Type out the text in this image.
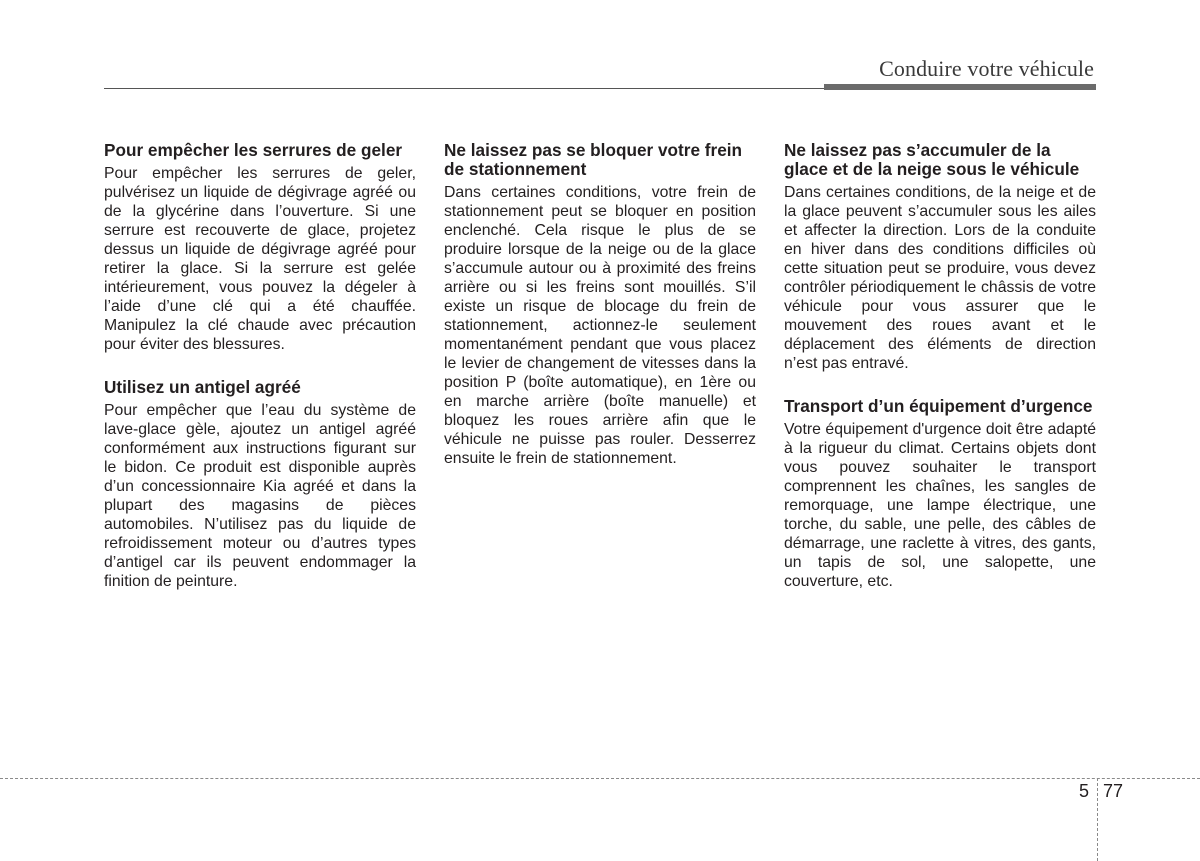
Conduire votre véhicule
Pour empêcher les serrures de geler

Pour empêcher les serrures de geler, pulvérisez un liquide de dégivrage agréé ou de la glycérine dans l’ouverture. Si une serrure est recouverte de glace, projetez dessus un liquide de dégivrage agréé pour retirer la glace. Si la serrure est gelée intérieurement, vous pouvez la dégeler à l’aide d’une clé qui a été chauffée. Manipulez la clé chaude avec précaution pour éviter des blessures.

Utilisez un antigel agréé

Pour empêcher que l’eau du système de lave-glace gèle, ajoutez un antigel agréé conformément aux instructions figurant sur le bidon. Ce produit est disponible auprès d’un concessionnaire Kia agréé et dans la plupart des magasins de pièces automobiles. N’utilisez pas du liquide de refroidissement moteur ou d’autres types d’antigel car ils peuvent endommager la finition de peinture.

Ne laissez pas se bloquer votre frein de stationnement

Dans certaines conditions, votre frein de stationnement peut se bloquer en position enclenché. Cela risque le plus de se produire lorsque de la neige ou de la glace s’accumule autour ou à proximité des freins arrière ou si les freins sont mouillés. S’il existe un risque de blocage du frein de stationnement, actionnez-le seulement momentanément pendant que vous placez le levier de changement de vitesses dans la position P (boîte automatique), en 1ère ou en marche arrière (boîte manuelle) et bloquez les roues arrière afin que le véhicule ne puisse pas rouler. Desserrez ensuite le frein de stationnement.

Ne laissez pas s’accumuler de la glace et de la neige sous le véhicule

Dans certaines conditions, de la neige et de la glace peuvent s’accumuler sous les ailes et affecter la direction. Lors de la conduite en hiver dans des conditions difficiles où cette situation peut se produire, vous devez contrôler périodiquement le châssis de votre véhicule pour vous assurer que le mouvement des roues avant et le déplacement des éléments de direction n’est pas entravé.

Transport d’un équipement d’urgence

Votre équipement d'urgence doit être adapté à la rigueur du climat. Certains objets dont vous pouvez souhaiter le transport comprennent les chaînes, les sangles de remorquage, une lampe électrique, une torche, du sable, une pelle, des câbles de démarrage, une raclette à vitres, des gants, un tapis de sol, une salopette, une couverture, etc.

5 77
